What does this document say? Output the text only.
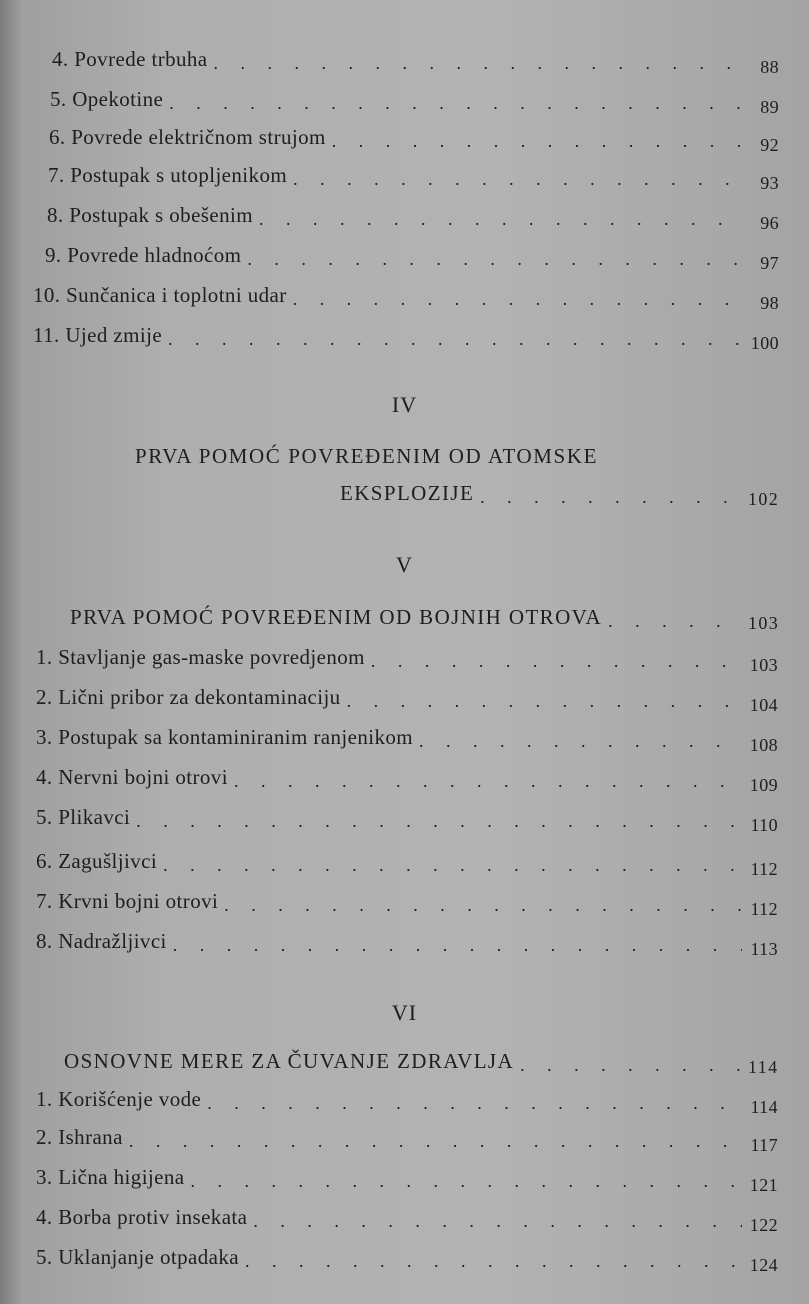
4. Povrede trbuha . . .	88
5. Opekotine . . .	89
6. Povrede električnom strujom . . .	92
7. Postupak s utopljenikom . . .	93
8. Postupak s obešenim . . .	96
9. Povrede hladnoćom . . .	97
10. Sunčanica i toplotni udar . . .	98
11. Ujed zmije . . .	100
IV
PRVA POMOĆ POVREĐENIM OD ATOMSKE
EKSPLOZIJE . . .	102
V
PRVA POMOĆ POVREĐENIM OD BOJNIH OTROVA . . .	103
1. Stavljanje gas-maske povredjenom . . .	103
2. Lični pribor za dekontaminaciju . . .	104
3. Postupak sa kontaminiranim ranjenikom . . .	108
4. Nervni bojni otrovi . . .	109
5. Plikavci . . .	110
6. Zagušljivci . . .	112
7. Krvni bojni otrovi . . .	112
8. Nadražljivci . . .	113
VI
OSNOVNE MERE ZA ČUVANJE ZDRAVLJA . . .	114
1. Korišćenje vode . . .	114
2. Ishrana . . .	117
3. Lična higijena . . .	121
4. Borba protiv insekata . . .	122
5. Uklanjanje otpadaka . . .	124
